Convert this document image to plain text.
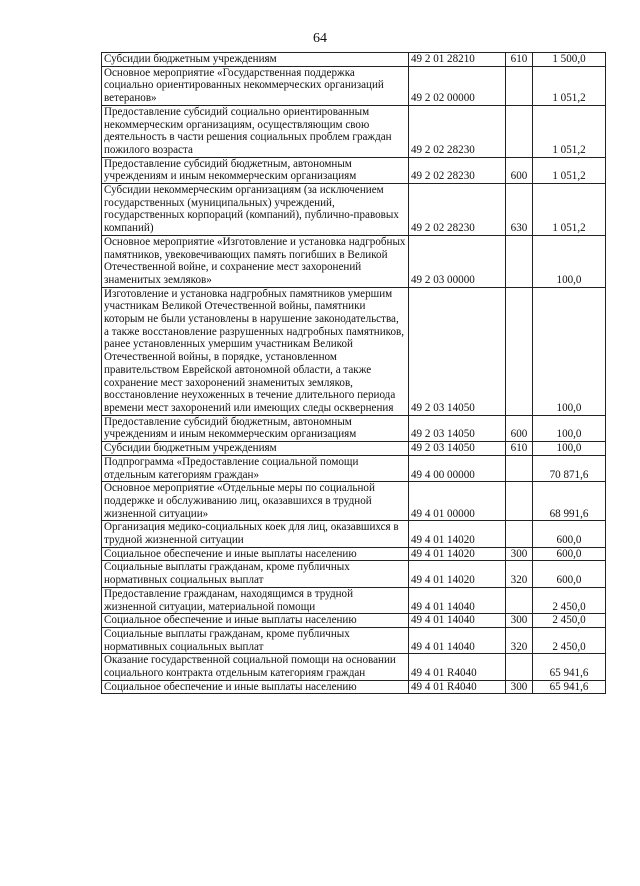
64
Субсидии бюджетным учреждениям	49 2 01 28210	610	1 500,0
Основное мероприятие «Государственная поддержка социально ориентированных некоммерческих организаций ветеранов»	49 2 02 00000		1 051,2
Предоставление субсидий социально ориентированным некоммерческим организациям, осуществляющим свою деятельность в части решения социальных проблем граждан пожилого возраста	49 2 02 28230		1 051,2
Предоставление субсидий бюджетным, автономным учреждениям и иным некоммерческим организациям	49 2 02 28230	600	1 051,2
Субсидии некоммерческим организациям (за исключением государственных (муниципальных) учреждений, государственных корпораций (компаний), публично-правовых компаний)	49 2 02 28230	630	1 051,2
Основное мероприятие «Изготовление и установка надгробных памятников, увековечивающих память погибших в Великой Отечественной войне, и сохранение мест захоронений знаменитых земляков»	49 2 03 00000		100,0
Изготовление и установка надгробных памятников умершим участникам Великой Отечественной войны, памятники которым не были установлены в нарушение законодательства, а также восстановление разрушенных надгробных памятников, ранее установленных умершим участникам Великой Отечественной войны, в порядке, установленном правительством Еврейской автономной области, а также сохранение мест захоронений знаменитых земляков, восстановление неухоженных в течение длительного периода времени мест захоронений или имеющих следы осквернения	49 2 03 14050		100,0
Предоставление субсидий бюджетным, автономным учреждениям и иным некоммерческим организациям	49 2 03 14050	600	100,0
Субсидии бюджетным учреждениям	49 2 03 14050	610	100,0
Подпрограмма «Предоставление социальной помощи отдельным категориям граждан»	49 4 00 00000		70 871,6
Основное мероприятие «Отдельные меры по социальной поддержке и обслуживанию лиц, оказавшихся в трудной жизненной ситуации»	49 4 01 00000		68 991,6
Организация медико-социальных коек для лиц, оказавшихся в трудной жизненной ситуации	49 4 01 14020		600,0
Социальное обеспечение и иные выплаты населению	49 4 01 14020	300	600,0
Социальные выплаты гражданам, кроме публичных нормативных социальных выплат	49 4 01 14020	320	600,0
Предоставление гражданам, находящимся в трудной жизненной ситуации, материальной помощи	49 4 01 14040		2 450,0
Социальное обеспечение и иные выплаты населению	49 4 01 14040	300	2 450,0
Социальные выплаты гражданам, кроме публичных нормативных социальных выплат	49 4 01 14040	320	2 450,0
Оказание государственной социальной помощи на основании социального контракта отдельным категориям граждан	49 4 01 R4040		65 941,6
Социальное обеспечение и иные выплаты населению	49 4 01 R4040	300	65 941,6
